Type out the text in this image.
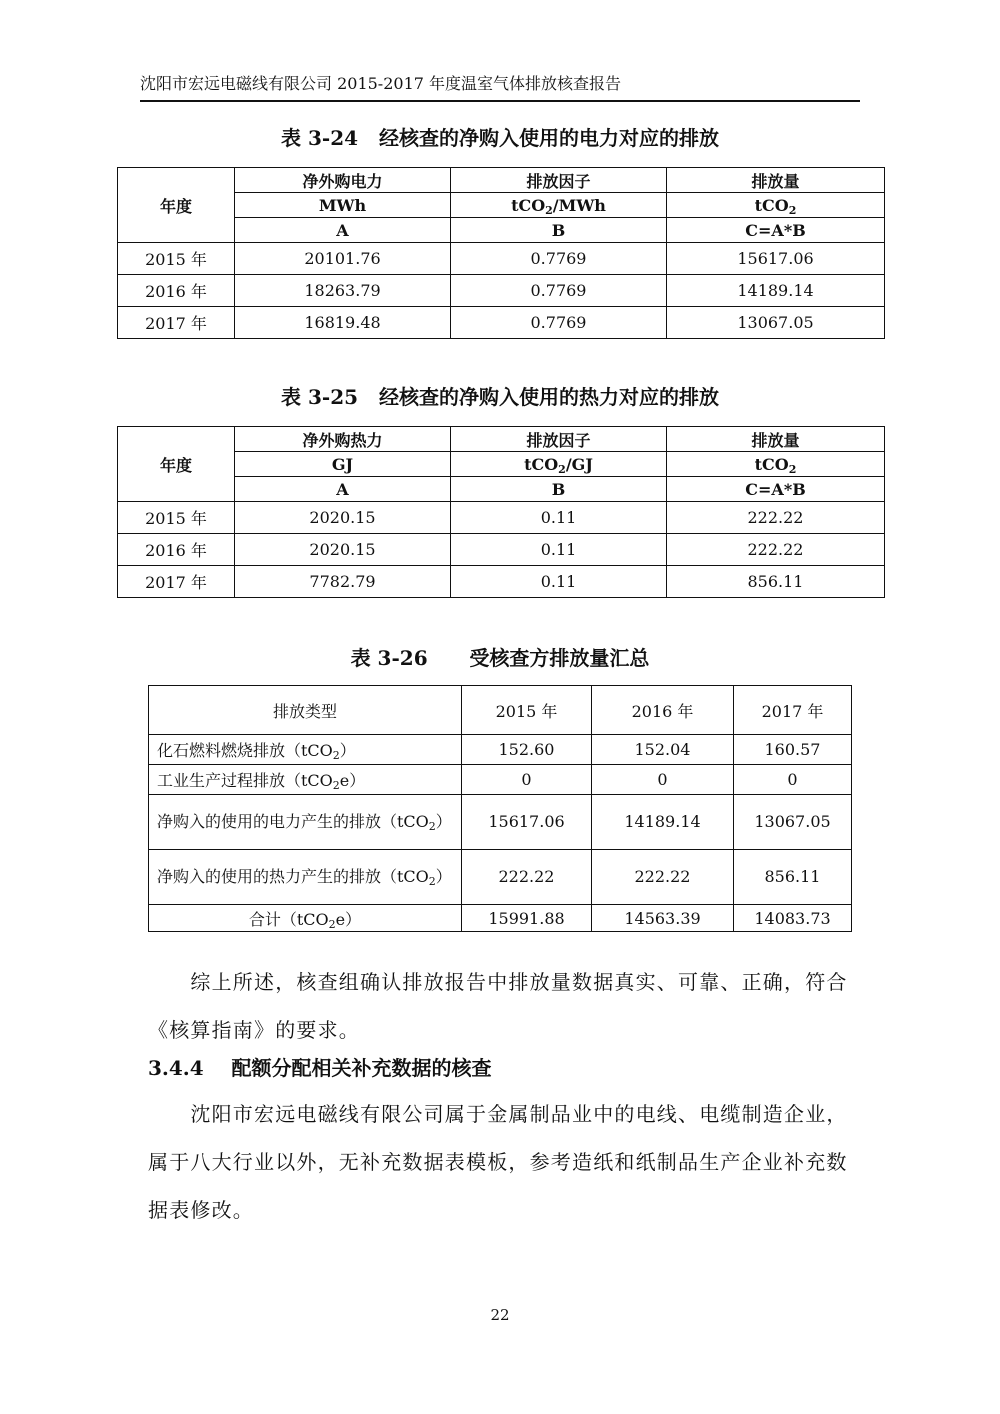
沈阳市宏远电磁线有限公司 2015-2017 年度温室气体排放核查报告
表 3-24   经核查的净购入使用的电力对应的排放
年度	净外购电力	排放因子	排放量
	MWh	tCO$_2$/MWh	tCO$_2$
	A	B	C=A*B
2015 年	20101.76	0.7769	15617.06
2016 年	18263.79	0.7769	14189.14
2017 年	16819.48	0.7769	13067.05
表 3-25   经核查的净购入使用的热力对应的排放
年度	净外购热力	排放因子	排放量
	GJ	tCO$_2$/GJ	tCO$_2$
	A	B	C=A*B
2015 年	2020.15	0.11	222.22
2016 年	2020.15	0.11	222.22
2017 年	7782.79	0.11	856.11
表 3-26      受核查方排放量汇总
排放类型	2015 年	2016 年	2017 年
化石燃料燃烧排放（tCO$_2$）	152.60	152.04	160.57
工业生产过程排放（tCO$_2$e）	0	0	0
净购入的使用的电力产生的排放（tCO$_2$）	15617.06	14189.14	13067.05
净购入的使用的热力产生的排放（tCO$_2$）	222.22	222.22	856.11
合计（tCO$_2$e）	15991.88	14563.39	14083.73
　　综上所述，核查组确认排放报告中排放量数据真实、可靠、正确，符合《核算指南》的要求。
3.4.4 配额分配相关补充数据的核查
　　沈阳市宏远电磁线有限公司属于金属制品业中的电线、电缆制造企业，属于八大行业以外，无补充数据表模板，参考造纸和纸制品生产企业补充数据表修改。
22
